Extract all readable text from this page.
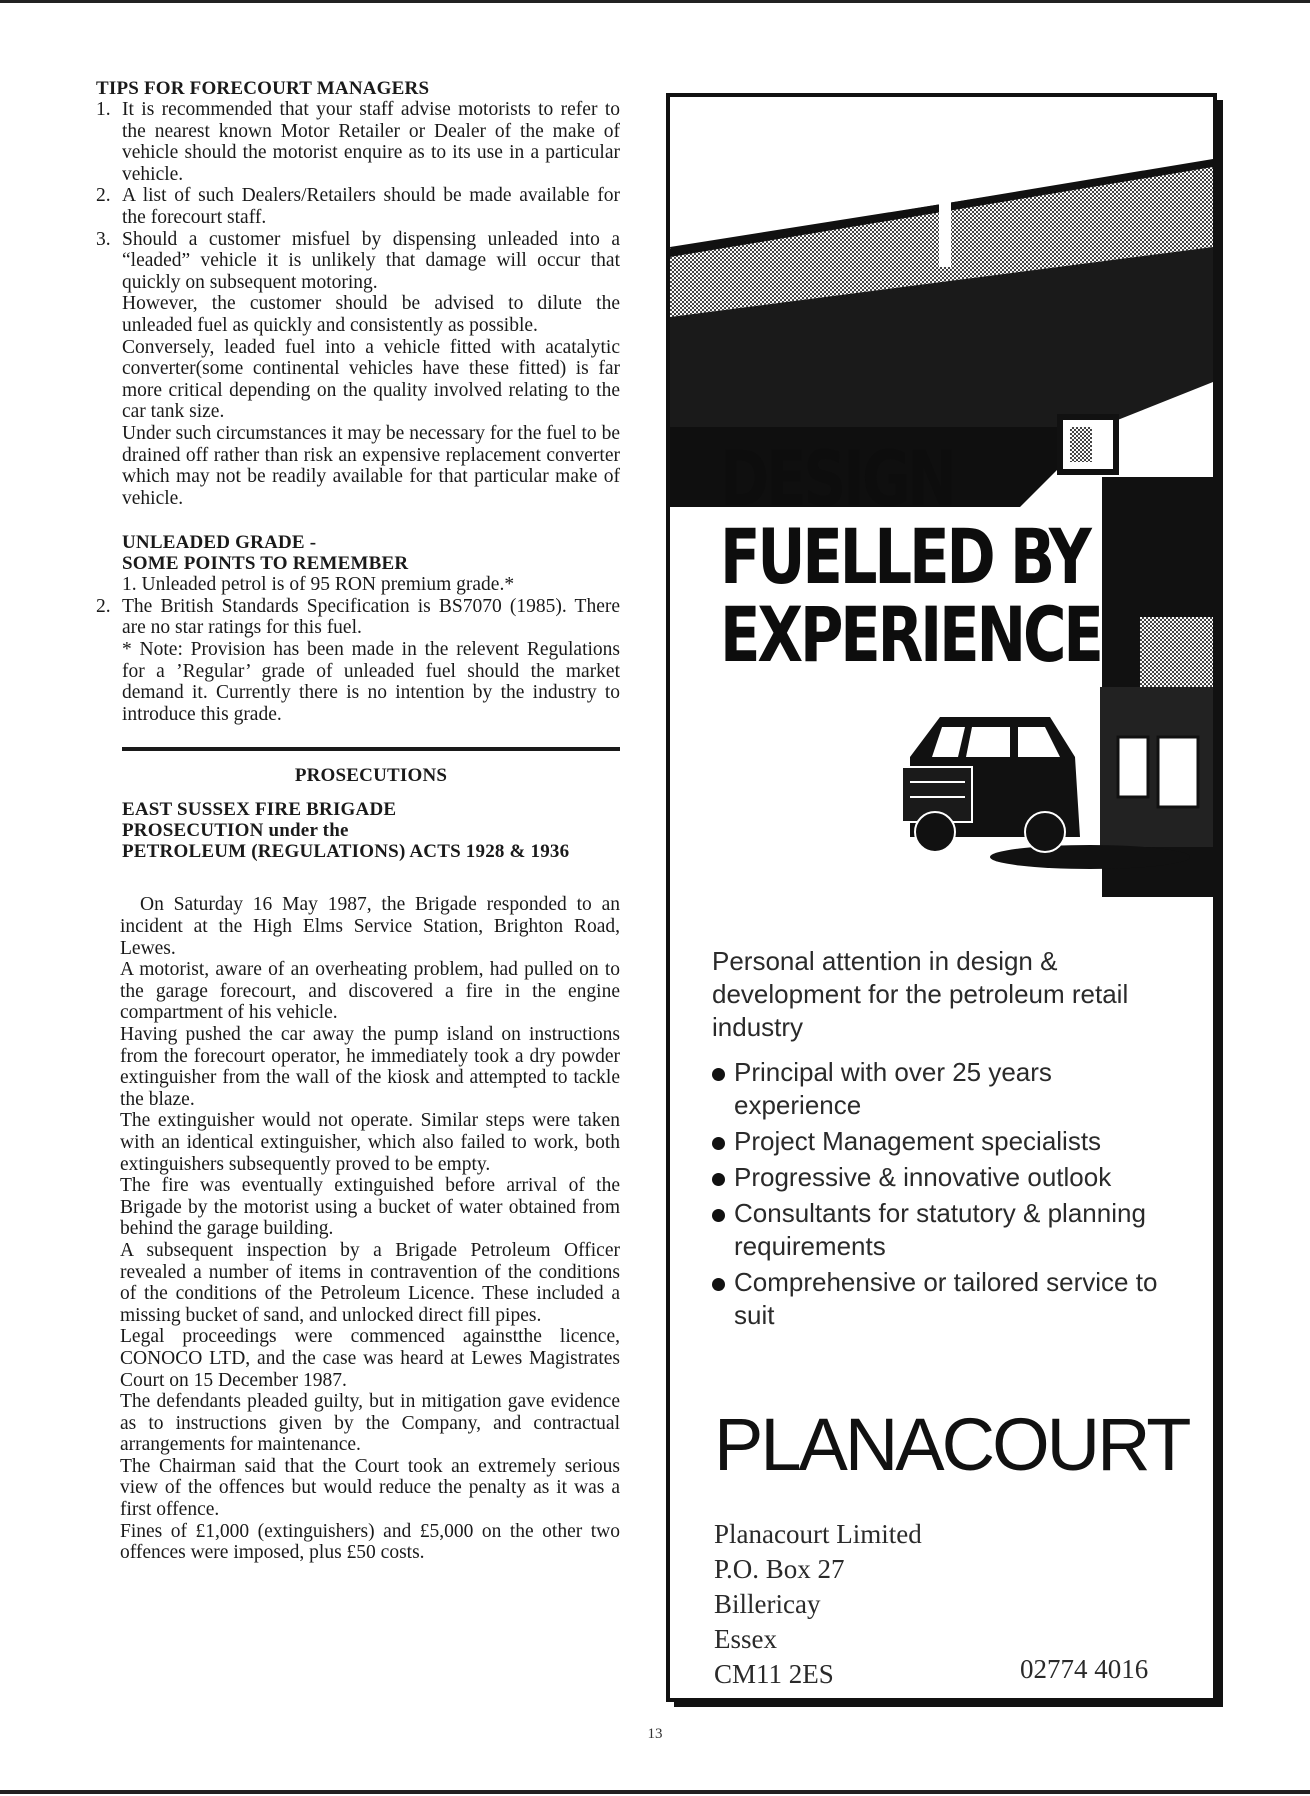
TIPS FOR FORECOURT MANAGERS
1. It is recommended that your staff advise motorists to refer to the nearest known Motor Retailer or Dealer of the make of vehicle should the motorist enquire as to its use in a particular vehicle.
2. A list of such Dealers/Retailers should be made available for the forecourt staff.
3. Should a customer misfuel by dispensing unleaded into a “leaded” vehicle it is unlikely that damage will occur that quickly on subsequent motoring.
However, the customer should be advised to dilute the unleaded fuel as quickly and consistently as possible.
Conversely, leaded fuel into a vehicle fitted with acatalytic converter(some continental vehicles have these fitted) is far more critical depending on the quality involved relating to the car tank size.
Under such circumstances it may be necessary for the fuel to be drained off rather than risk an expensive replacement converter which may not be readily available for that particular make of vehicle.
UNLEADED GRADE -
SOME POINTS TO REMEMBER
1. Unleaded petrol is of 95 RON premium grade.*
2. The British Standards Specification is BS7070 (1985). There are no star ratings for this fuel.
* Note: Provision has been made in the relevent Regulations for a ’Regular’ grade of unleaded fuel should the market demand it. Currently there is no intention by the industry to introduce this grade.
PROSECUTIONS
EAST SUSSEX FIRE BRIGADE
PROSECUTION under the
PETROLEUM (REGULATIONS) ACTS 1928 & 1936

On Saturday 16 May 1987, the Brigade responded to an incident at the High Elms Service Station, Brighton Road, Lewes.

A motorist, aware of an overheating problem, had pulled on to the garage forecourt, and discovered a fire in the engine compartment of his vehicle.

Having pushed the car away the pump island on instructions from the forecourt operator, he immediately took a dry powder extinguisher from the wall of the kiosk and attempted to tackle the blaze.

The extinguisher would not operate. Similar steps were taken with an identical extinguisher, which also failed to work, both extinguishers subsequently proved to be empty.

The fire was eventually extinguished before arrival of the Brigade by the motorist using a bucket of water obtained from behind the garage building.

A subsequent inspection by a Brigade Petroleum Officer revealed a number of items in contravention of the conditions of the conditions of the Petroleum Licence. These included a missing bucket of sand, and unlocked direct fill pipes.

Legal proceedings were commenced againstthe licence, CONOCO LTD, and the case was heard at Lewes Magistrates Court on 15 December 1987.

The defendants pleaded guilty, but in mitigation gave evidence as to instructions given by the Company, and contractual arrangements for maintenance.

The Chairman said that the Court took an extremely serious view of the offences but would reduce the penalty as it was a first offence.

Fines of £1,000 (extinguishers) and £5,000 on the other two offences were imposed, plus £50 costs.

13
DESIGN
FUELLED BY
EXPERIENCE

Personal attention in design & development for the petroleum retail industry

Principal with over 25 years experience
Project Management specialists
Progressive & innovative outlook
Consultants for statutory & planning requirements
Comprehensive or tailored service to suit
PLANACOURT
Planacourt Limited
P.O. Box 27
Billericay
Essex
CM11 2ES	02774 4016
